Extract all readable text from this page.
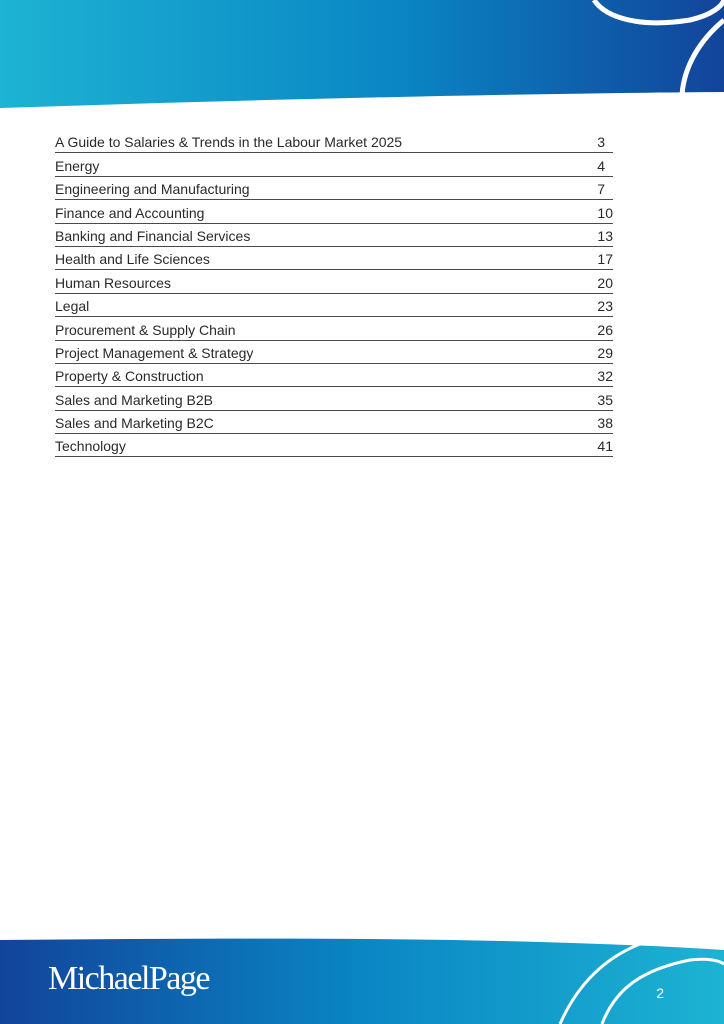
A Guide to Salaries & Trends in the Labour Market 2025	3
Energy	4
Engineering and Manufacturing	7
Finance and Accounting	10
Banking and Financial Services	13
Health and Life Sciences	17
Human Resources	20
Legal	23
Procurement & Supply Chain	26
Project Management & Strategy	29
Property & Construction	32
Sales and Marketing B2B	35
Sales and Marketing B2C	38
Technology	41
MichaelPage	2
